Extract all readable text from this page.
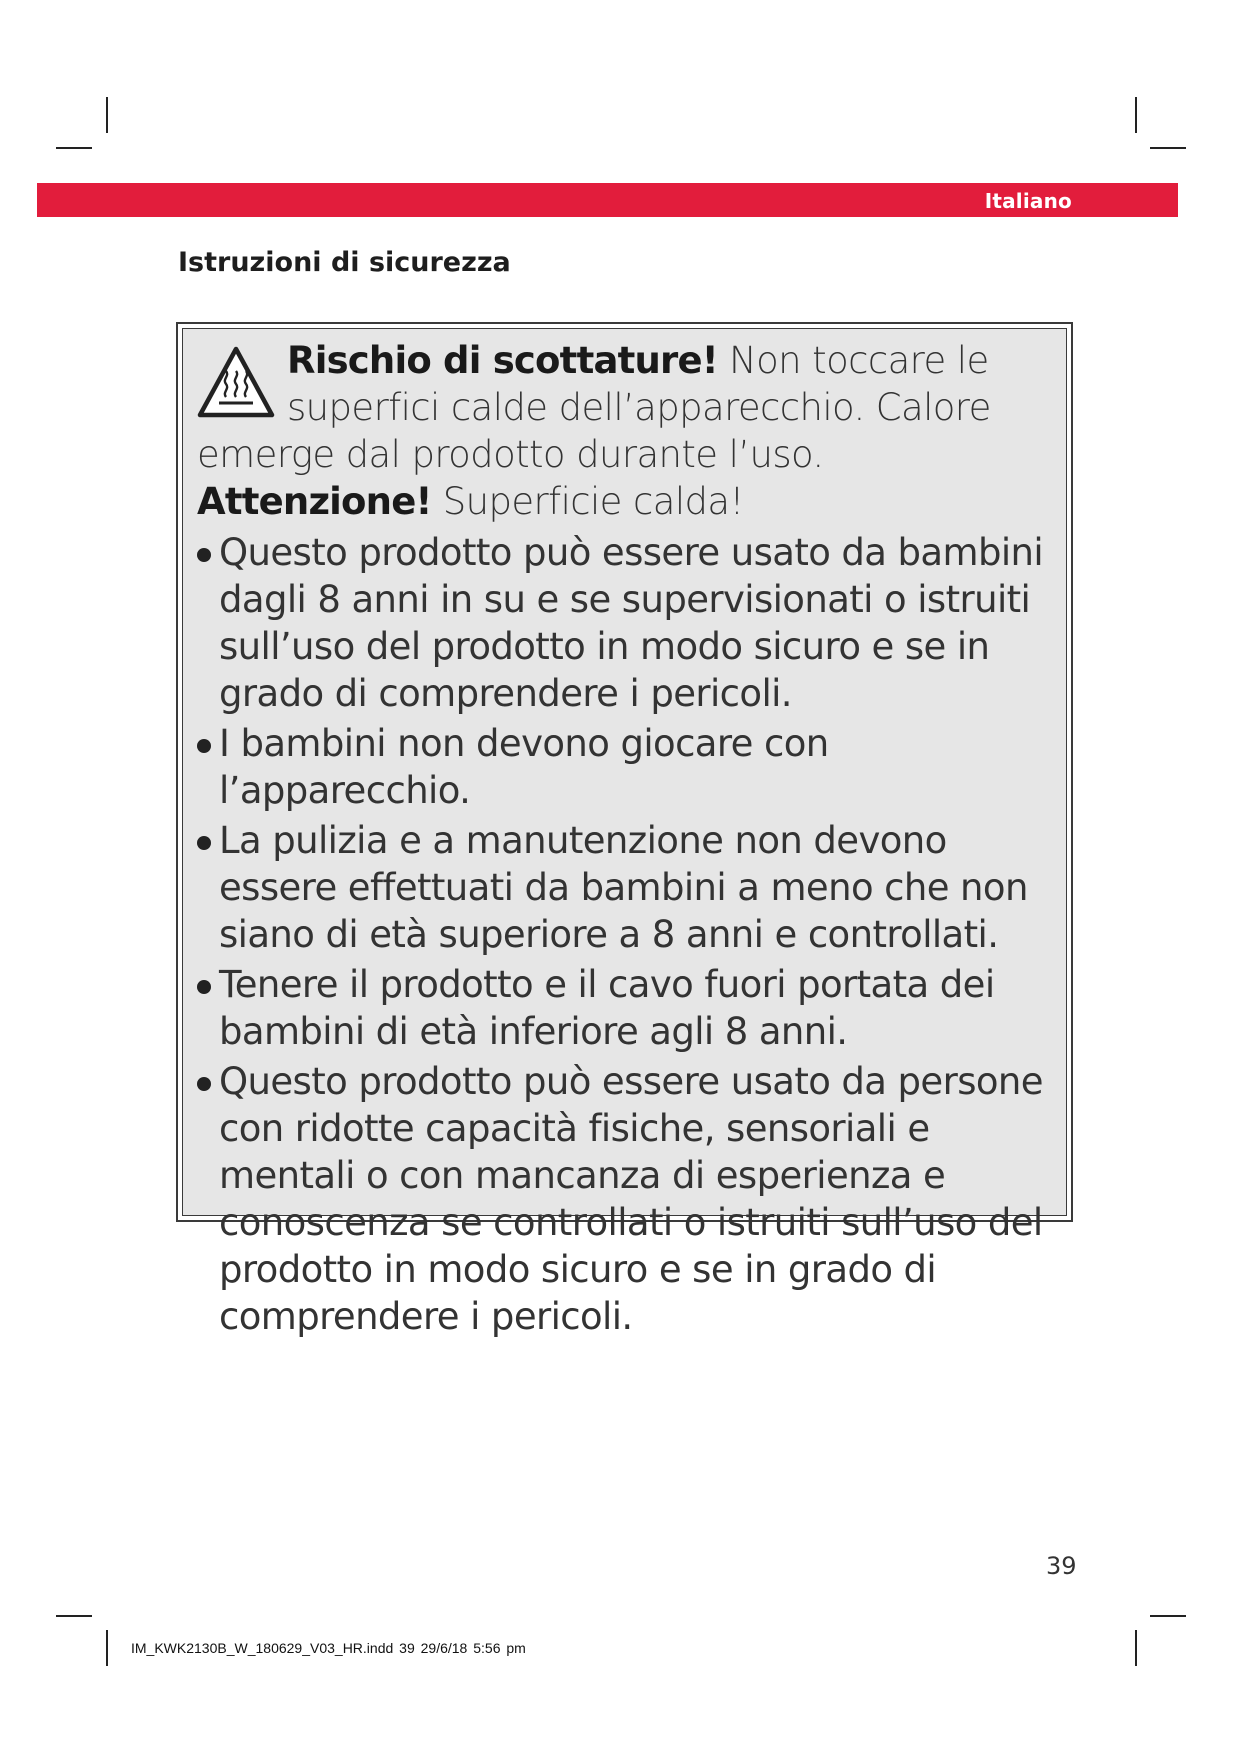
Italiano
Istruzioni di sicurezza

Rischio di scottature! Non toccare le superfici calde dell’apparecchio. Calore emerge dal prodotto durante l’uso. Attenzione! Superficie calda!

Questo prodotto può essere usato da bambini dagli 8 anni in su e se supervisionati o istruiti sull’uso del prodotto in modo sicuro e se in grado di comprendere i pericoli.
I bambini non devono giocare con l’apparecchio.
La pulizia e a manutenzione non devono essere effettuati da bambini a meno che non siano di età superiore a 8 anni e controllati.
Tenere il prodotto e il cavo fuori portata dei bambini di età inferiore agli 8 anni.
Questo prodotto può essere usato da persone con ridotte capacità fisiche, sensoriali e mentali o con mancanza di esperienza e conoscenza se controllati o istruiti sull’uso del prodotto in modo sicuro e se in grado di comprendere i pericoli.
39
IM_KWK2130B_W_180629_V03_HR.indd 39 29/6/18 5:56 pm
